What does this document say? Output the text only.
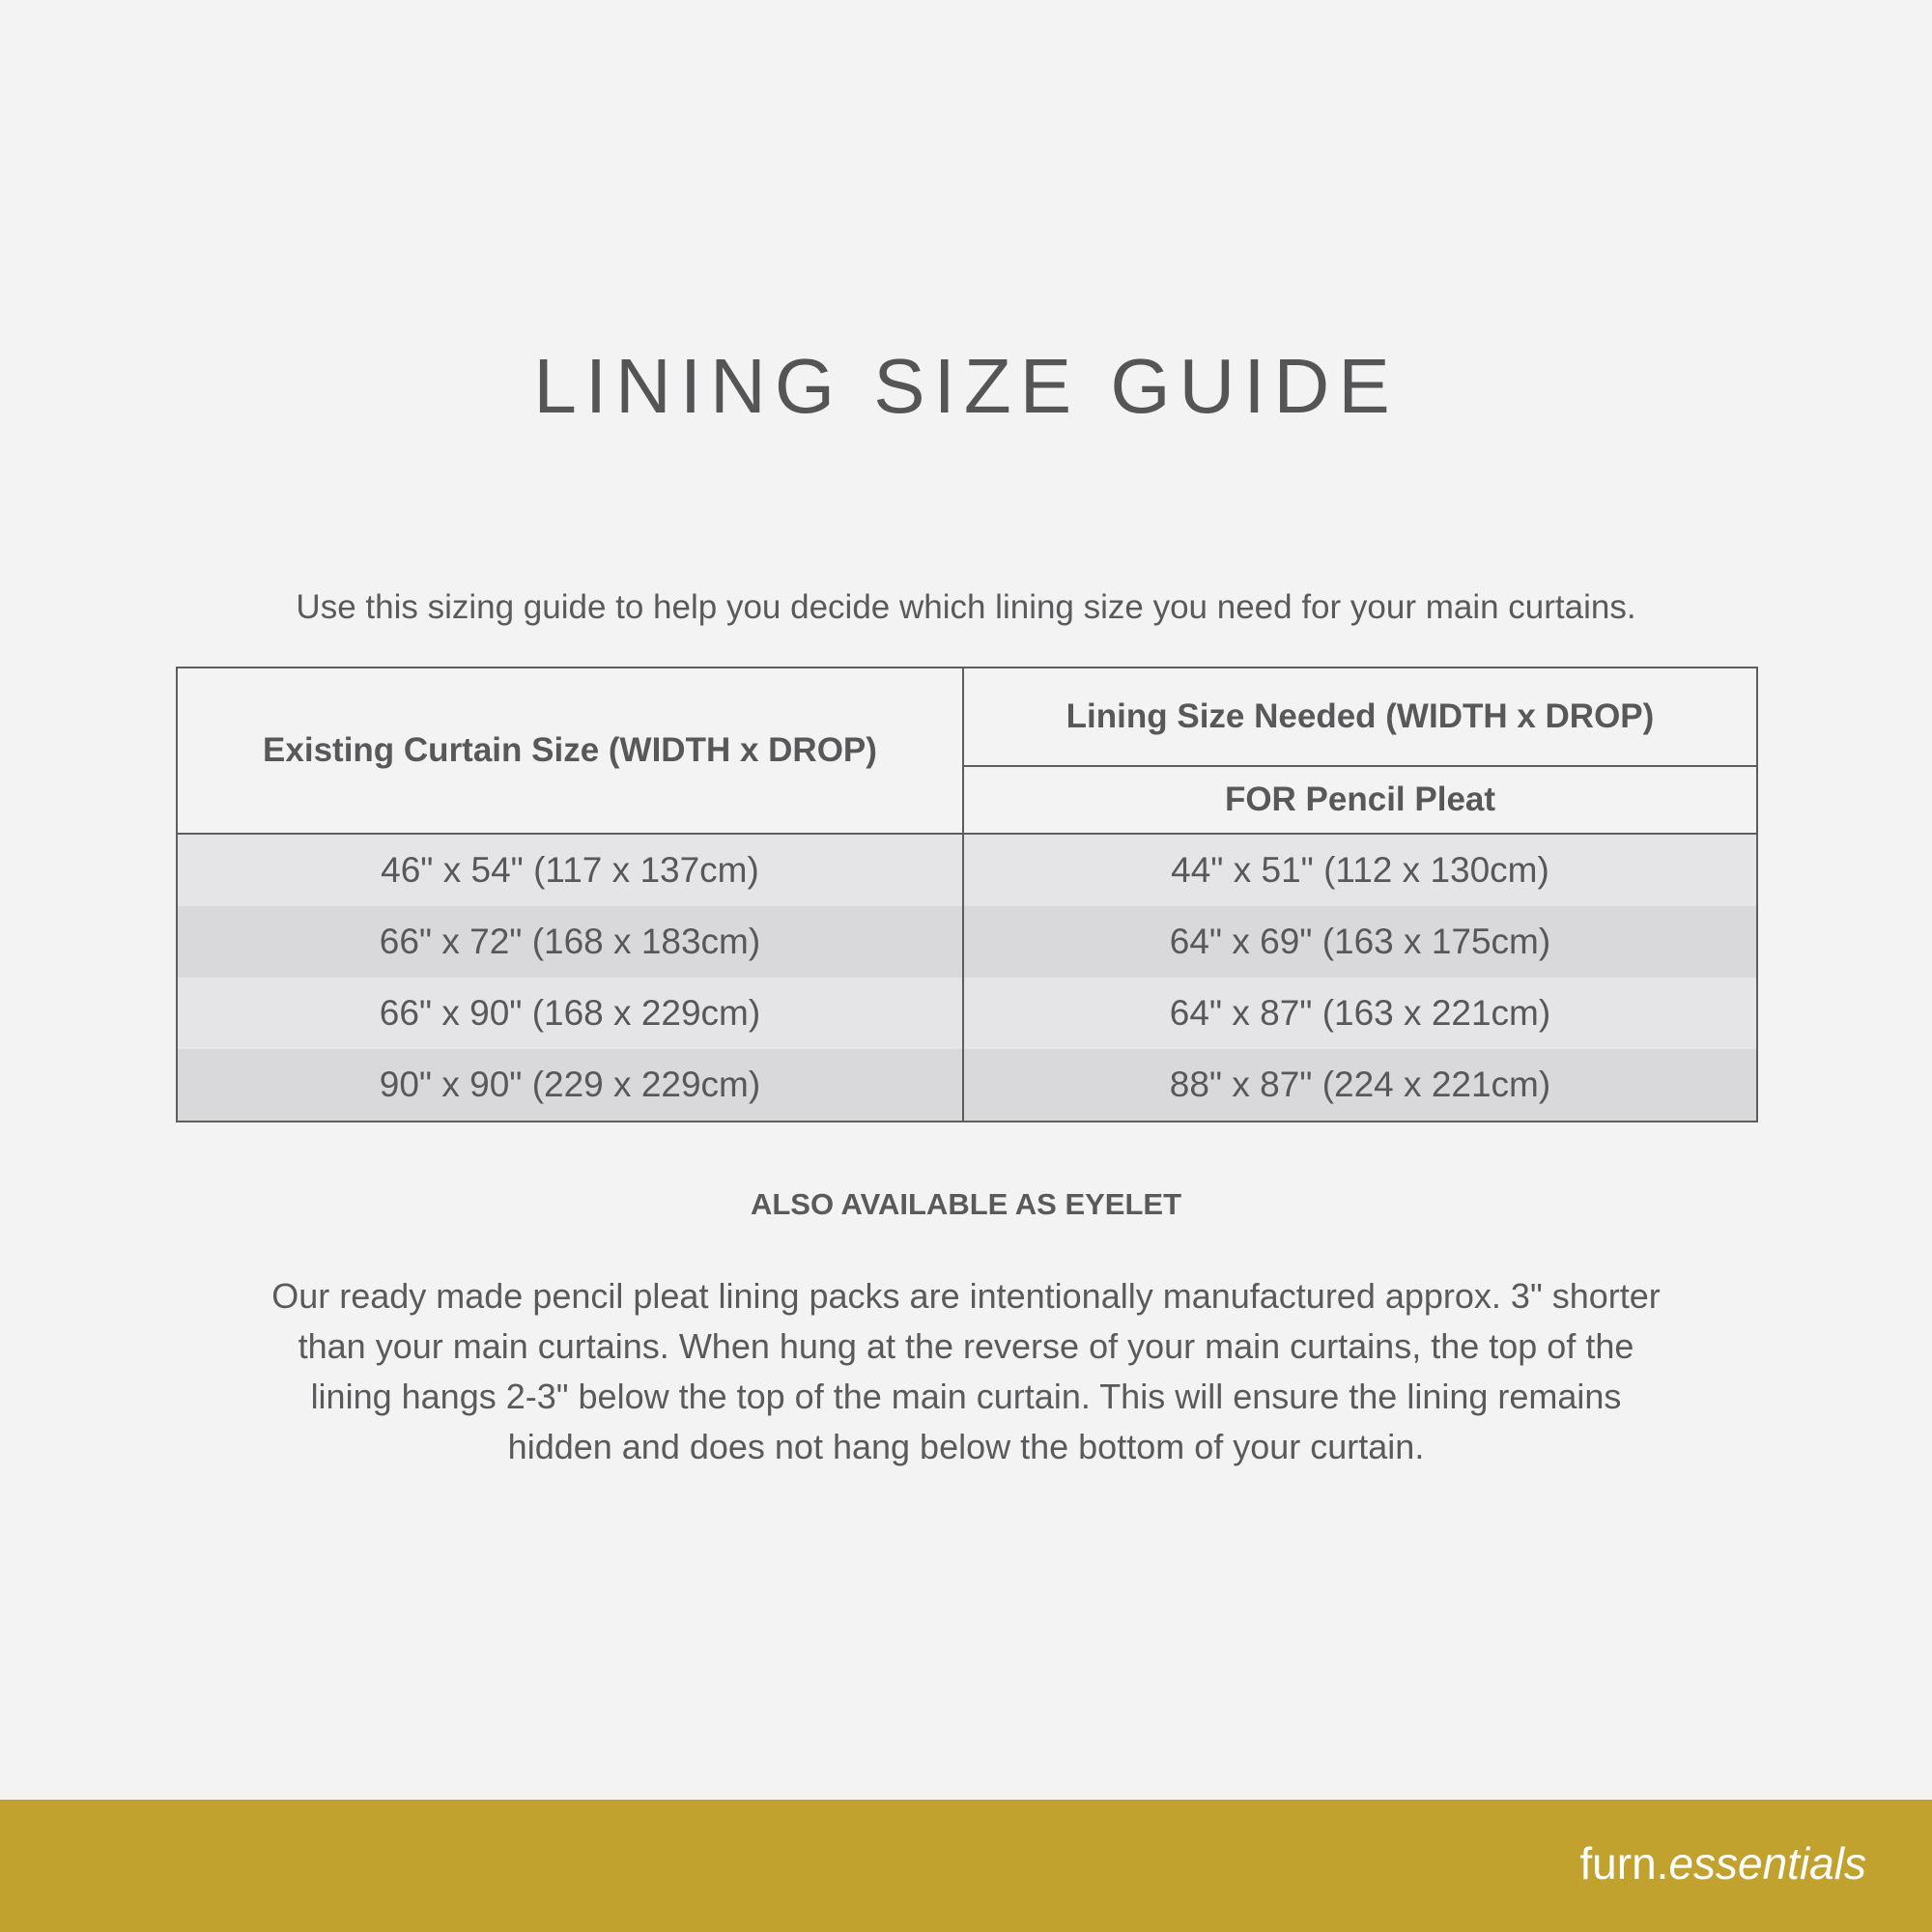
LINING SIZE GUIDE
Use this sizing guide to help you decide which lining size you need for your main curtains.
Existing Curtain Size (WIDTH x DROP)	Lining Size Needed (WIDTH x DROP)
	FOR Pencil Pleat
46" x 54" (117 x 137cm)	44" x 51" (112 x 130cm)
66" x 72" (168 x 183cm)	64" x 69" (163 x 175cm)
66" x 90" (168 x 229cm)	64" x 87" (163 x 221cm)
90" x 90" (229 x 229cm)	88" x 87" (224 x 221cm)
ALSO AVAILABLE AS EYELET
Our ready made pencil pleat lining packs are intentionally manufactured approx. 3" shorter
than your main curtains. When hung at the reverse of your main curtains, the top of the
lining hangs 2-3" below the top of the main curtain. This will ensure the lining remains
hidden and does not hang below the bottom of your curtain.
furn.essentials
